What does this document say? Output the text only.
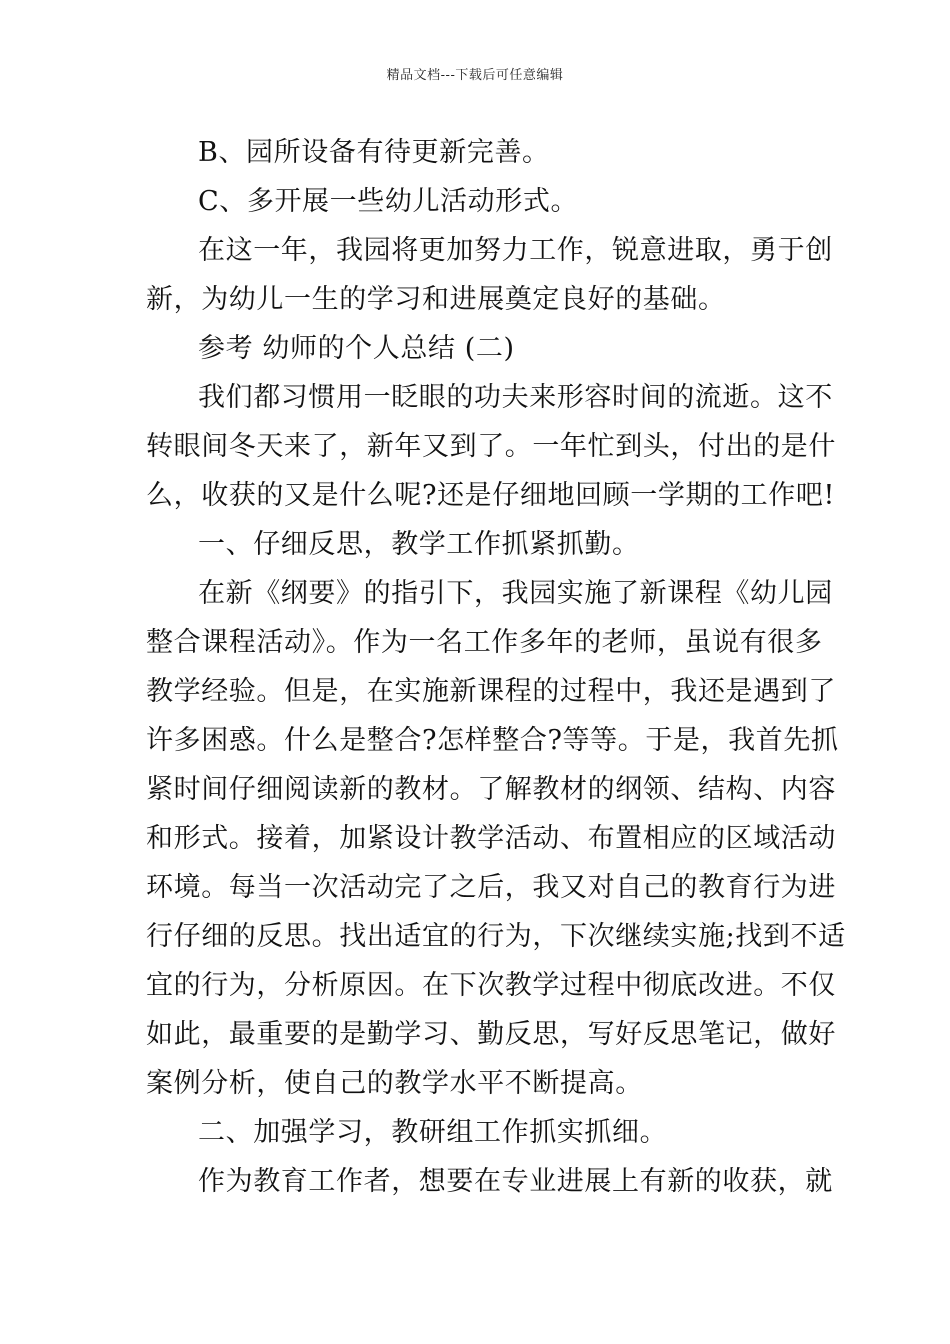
精品文档---下载后可任意编辑
B、园所设备有待更新完善。
C、多开展一些幼儿活动形式。
在这一年，我园将更加努力工作，锐意进取，勇于创
新，为幼儿一生的学习和进展奠定良好的基础。
参考 幼师的个人总结 (二)
我们都习惯用一眨眼的功夫来形容时间的流逝。这不
转眼间冬天来了，新年又到了。一年忙到头，付出的是什
么，收获的又是什么呢?还是仔细地回顾一学期的工作吧!
一、仔细反思，教学工作抓紧抓勤。
在新《纲要》的指引下，我园实施了新课程《幼儿园
整合课程活动》。作为一名工作多年的老师，虽说有很多
教学经验。但是，在实施新课程的过程中，我还是遇到了
许多困惑。什么是整合?怎样整合?等等。于是，我首先抓
紧时间仔细阅读新的教材。了解教材的纲领、结构、内容
和形式。接着，加紧设计教学活动、布置相应的区域活动
环境。每当一次活动完了之后，我又对自己的教育行为进
行仔细的反思。找出适宜的行为，下次继续实施;找到不适
宜的行为，分析原因。在下次教学过程中彻底改进。不仅
如此，最重要的是勤学习、勤反思，写好反思笔记，做好
案例分析，使自己的教学水平不断提高。
二、加强学习，教研组工作抓实抓细。
作为教育工作者，想要在专业进展上有新的收获，就
